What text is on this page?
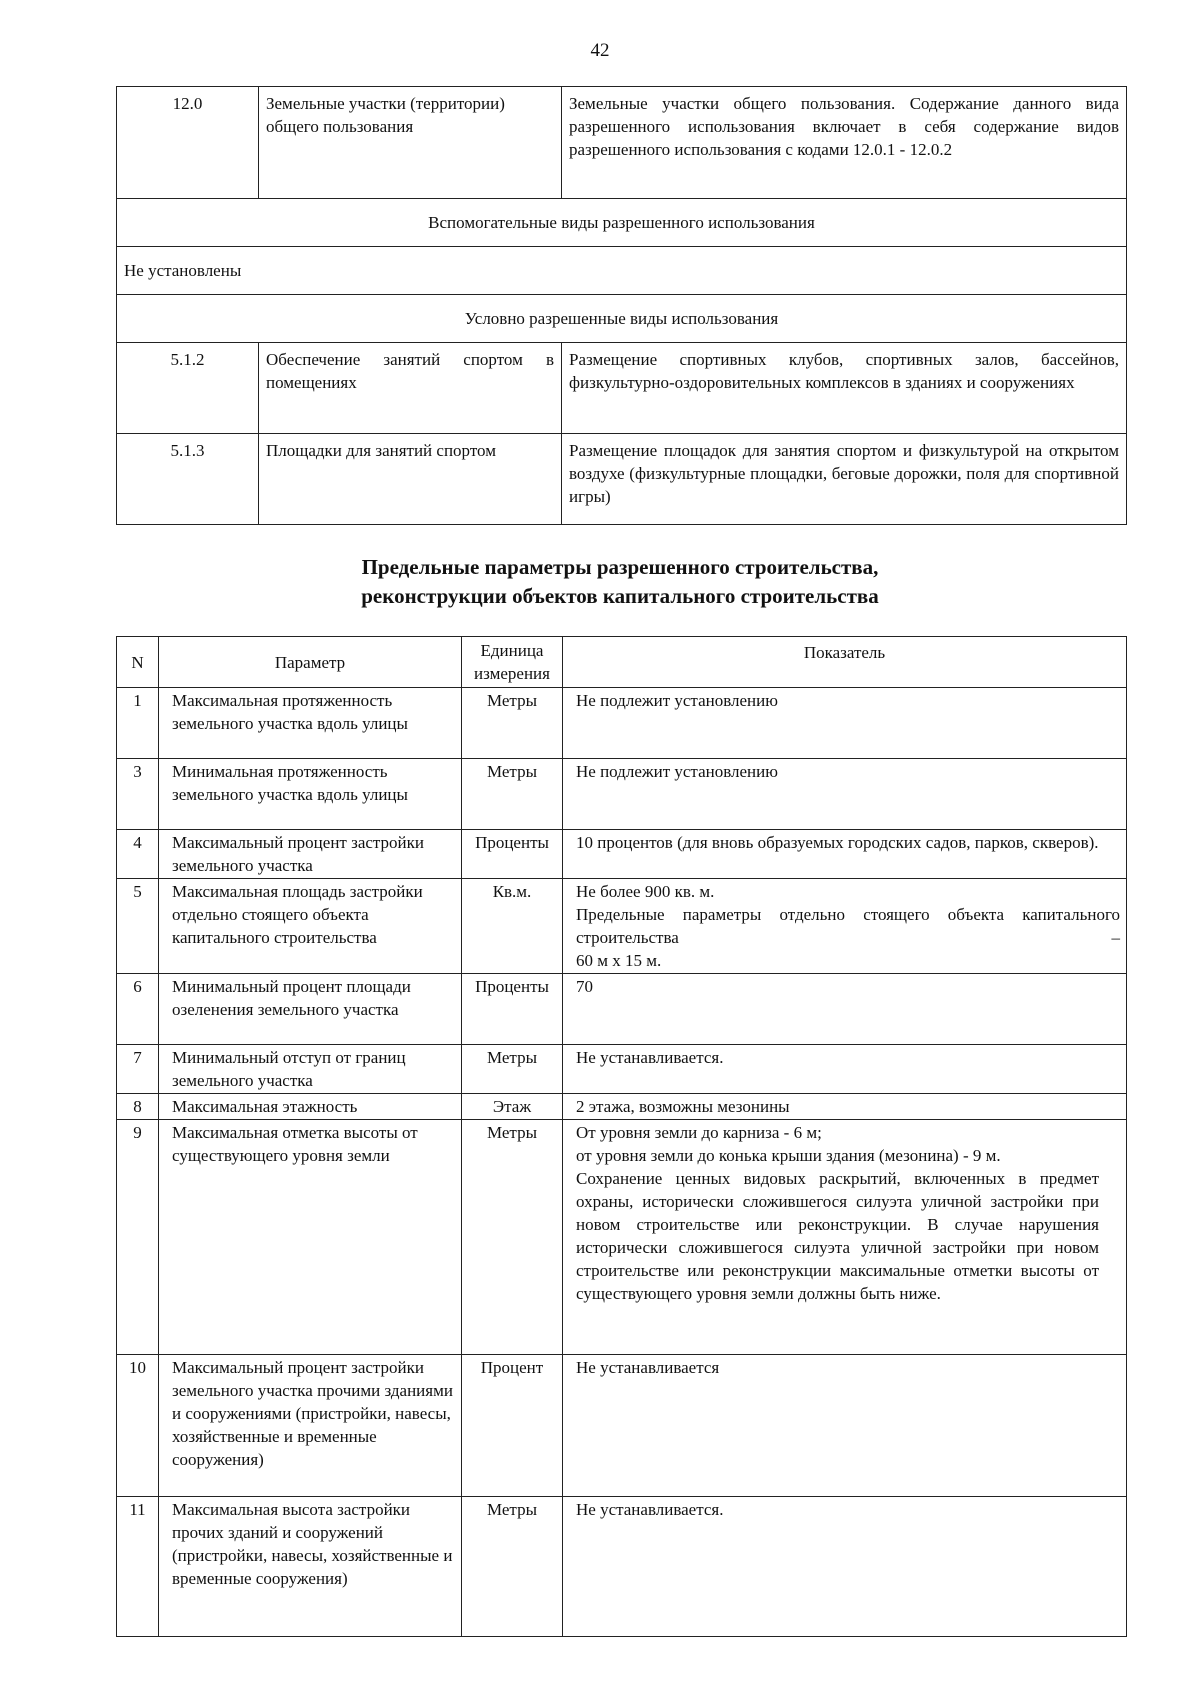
42
12.0	Земельные участки (территории) общего пользования	Земельные участки общего пользования. Содержание данного вида разрешенного использования включает в себя содержание видов разрешенного использования с кодами 12.0.1 - 12.0.2
Вспомогательные виды разрешенного использования		
Не установлены		
Условно разрешенные виды использования		
5.1.2	Обеспечение занятий спортом в помещениях	Размещение спортивных клубов, спортивных залов, бассейнов, физкультурно-оздоровительных комплексов в зданиях и сооружениях
5.1.3	Площадки для занятий спортом	Размещение площадок для занятия спортом и физкультурой на открытом воздухе (физкультурные площадки, беговые дорожки, поля для спортивной игры)
Предельные параметры разрешенного строительства,
реконструкции объектов капитального строительства
N	Параметр	Единица измерения	Показатель
1	Максимальная протяженность земельного участка вдоль улицы	Метры	Не подлежит установлению
3	Минимальная протяженность земельного участка вдоль улицы	Метры	Не подлежит установлению
4	Максимальный процент застройки земельного участка	Проценты	10 процентов (для вновь образуемых городских садов, парков, скверов).
5	Максимальная площадь застройки отдельно стоящего объекта капитального строительства	Кв.м.	Не более 900 кв. м.
Предельные параметры отдельно стоящего объекта капитального строительства –
60 м х 15 м.

6	Минимальный процент площади озеленения земельного участка	Проценты	70
7	Минимальный отступ от границ земельного участка	Метры	Не устанавливается.
8	Максимальная этажность	Этаж	2 этажа, возможны мезонины
9	Максимальная отметка высоты от существующего уровня земли	Метры	От уровня земли до карниза - 6 м;
от уровня земли до конька крыши здания (мезонина) - 9 м.
Сохранение ценных видовых раскрытий, включенных в предмет охраны, исторически сложившегося силуэта уличной застройки при новом строительстве или реконструкции. В случае нарушения исторически сложившегося силуэта уличной застройки при новом строительстве или реконструкции максимальные отметки высоты от существующего уровня земли должны быть ниже.

10	Максимальный процент застройки земельного участка прочими зданиями и сооружениями (пристройки, навесы, хозяйственные и временные сооружения)	Процент	Не устанавливается
11	Максимальная высота застройки прочих зданий и сооружений (пристройки, навесы, хозяйственные и временные сооружения)	Метры	Не устанавливается.
